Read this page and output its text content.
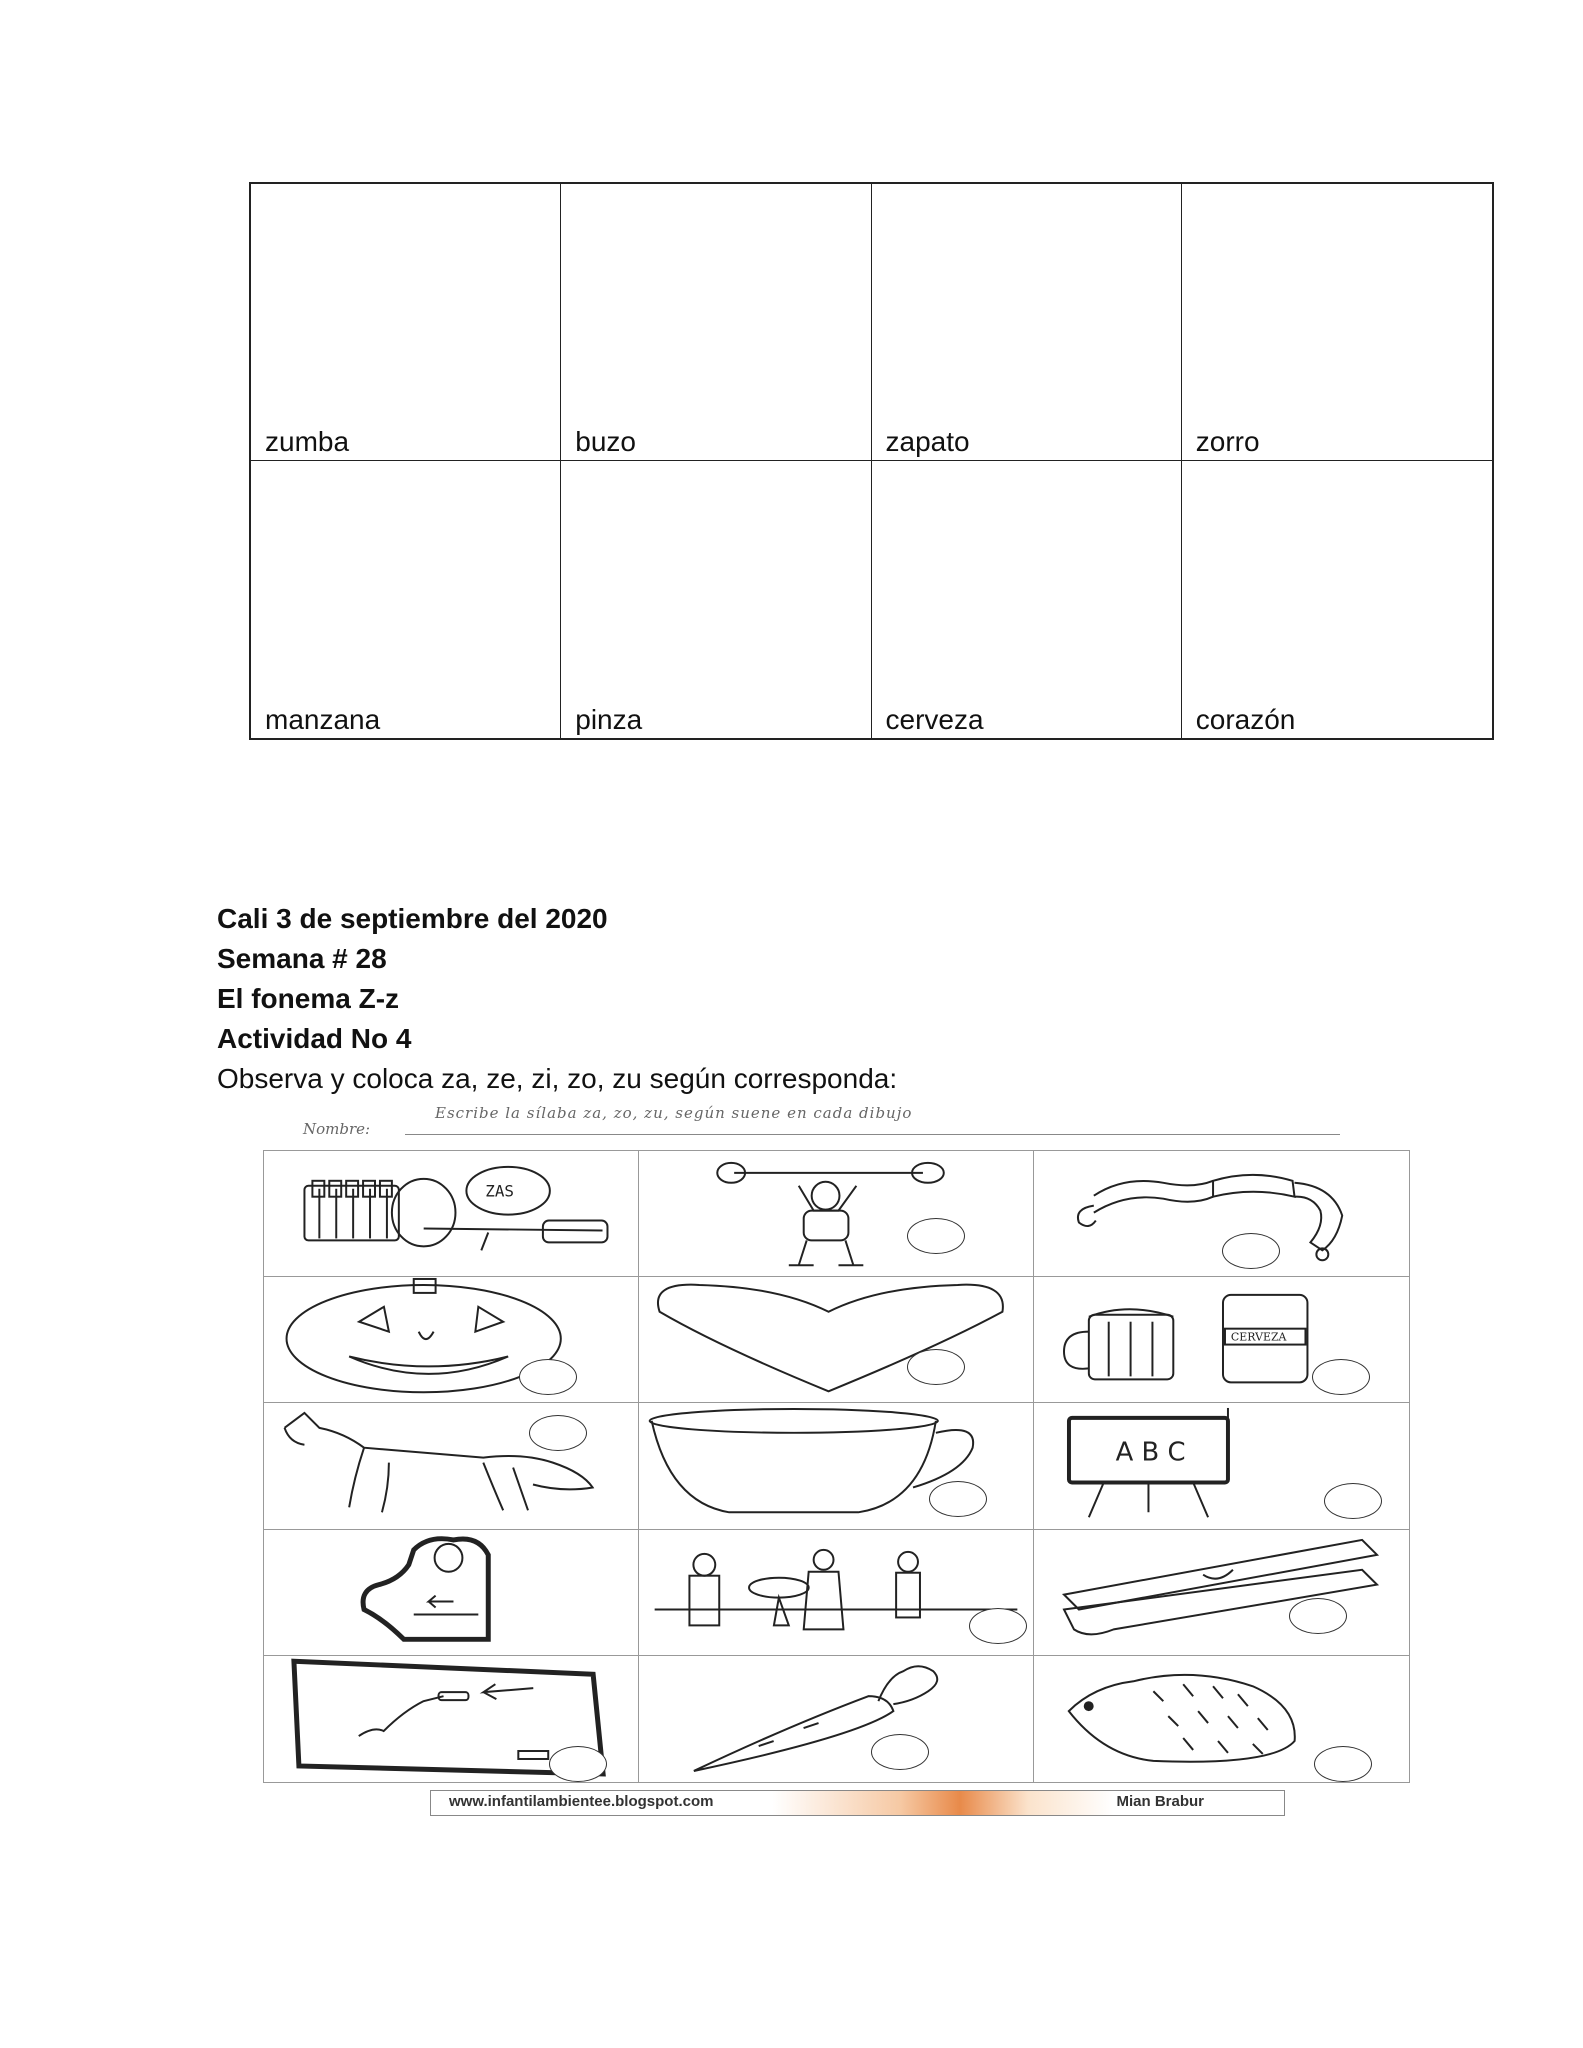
zumba	buzo	zapato	zorro
manzana	pinza	cerveza	corazón
Cali 3 de septiembre del 2020
Semana # 28
El fonema Z-z
Actividad No 4
Observa y coloca za, ze, zi, zo, zu según corresponda:
Escribe la sílaba za, zo, zu, según suene en cada dibujo
Nombre:
ZAS
CERVEZA
A B C
www.infantilambientee.blogspot.com	Mian Brabur
